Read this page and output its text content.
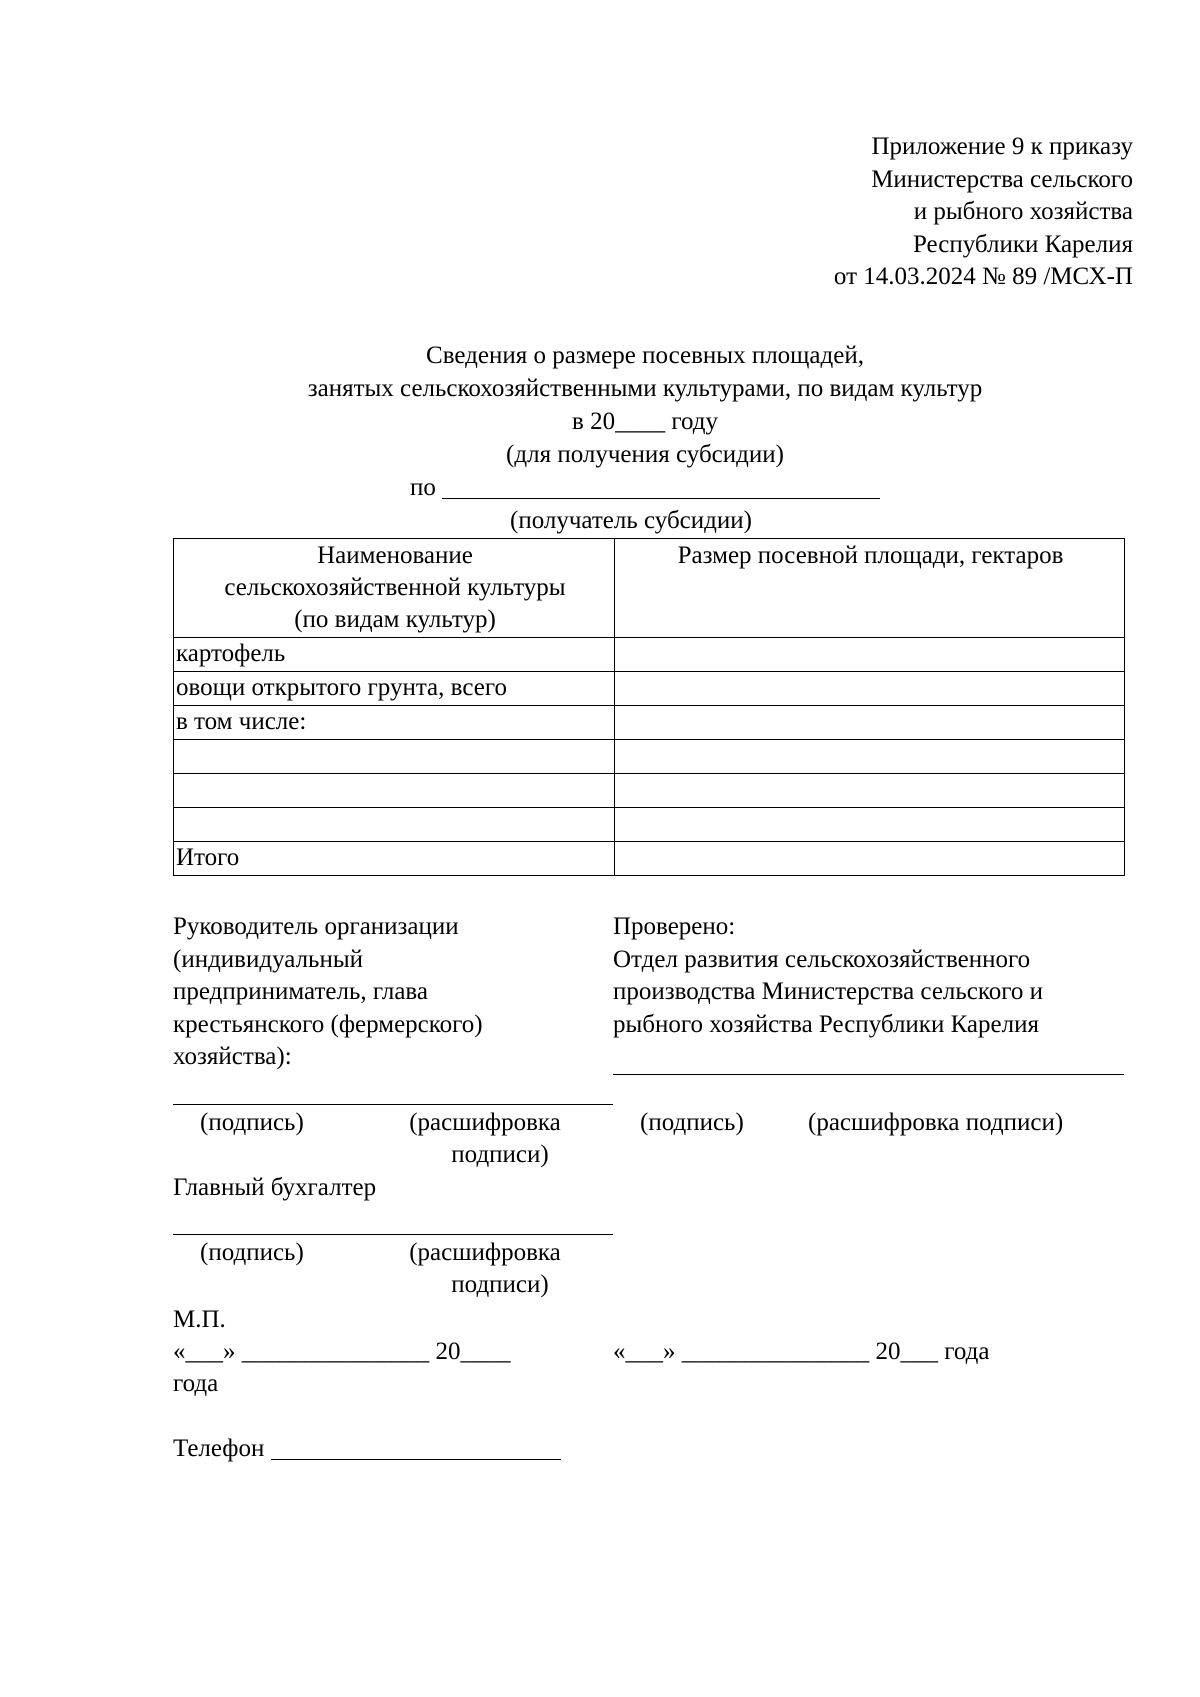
Приложение 9 к приказу
Министерства сельского
и рыбного хозяйства
Республики Карелия
от 14.03.2024 № 89 /МСХ-П
Сведения о размере посевных площадей,
занятых сельскохозяйственными культурами, по видам культур
в 20____ году
(для получения субсидии)
по
(получатель субсидии)
Наименование
сельскохозяйственной культуры
(по видам культур)	Размер посевной площади, гектаров
картофель	
овощи открытого грунта, всего	
в том числе:	

Итого	
Руководитель организации
(индивидуальный
предприниматель, глава
крестьянского (фермерского)
хозяйства):
Проверено:
Отдел развития сельскохозяйственного
производства Министерства сельского и
рыбного хозяйства Республики Карелия
(подпись)	(расшифровка
подписи)
(подпись)	(расшифровка подписи)
Главный бухгалтер
(подпись)	(расшифровка
подписи)
М.П.
«___» _______________ 20____
года
«___» _______________ 20___ года
Телефон
